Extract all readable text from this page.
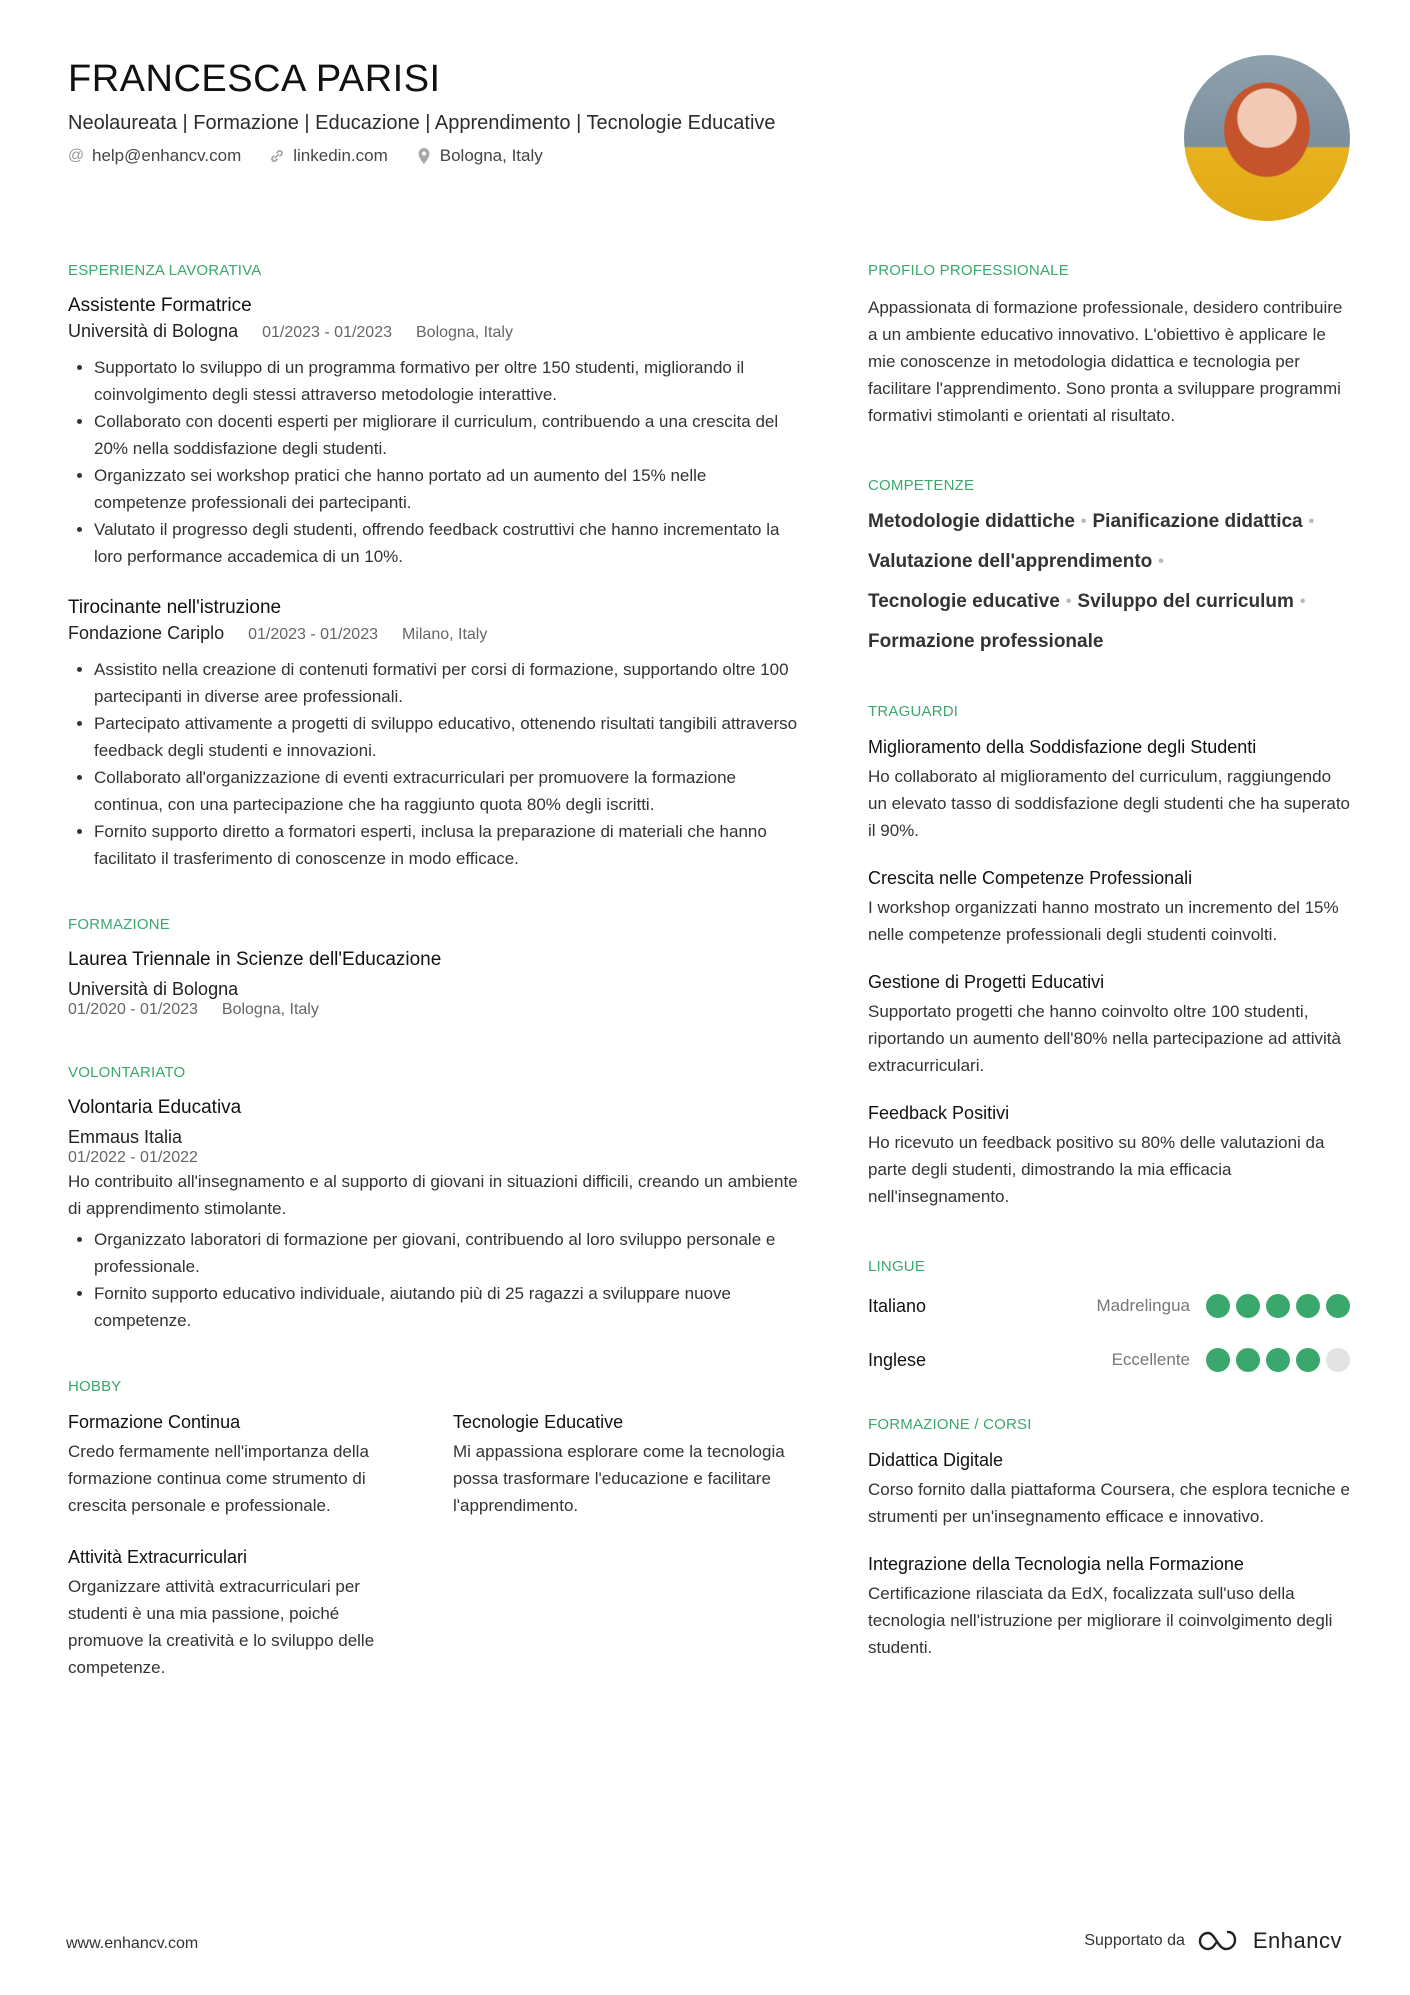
FRANCESCA PARISI
Neolaureata | Formazione | Educazione | Apprendimento | Tecnologie Educative
@ help@enhancv.com	linkedin.com	Bologna, Italy
ESPERIENZA LAVORATIVA
Assistente Formatrice
Università di Bologna 01/2023 - 01/2023 Bologna, Italy
• Supportato lo sviluppo di un programma formativo per oltre 150 studenti, migliorando il coinvolgimento degli stessi attraverso metodologie interattive.
• Collaborato con docenti esperti per migliorare il curriculum, contribuendo a una crescita del 20% nella soddisfazione degli studenti.
• Organizzato sei workshop pratici che hanno portato ad un aumento del 15% nelle competenze professionali dei partecipanti.
• Valutato il progresso degli studenti, offrendo feedback costruttivi che hanno incrementato la loro performance accademica di un 10%.
Tirocinante nell'istruzione
Fondazione Cariplo 01/2023 - 01/2023 Milano, Italy
• Assistito nella creazione di contenuti formativi per corsi di formazione, supportando oltre 100 partecipanti in diverse aree professionali.
• Partecipato attivamente a progetti di sviluppo educativo, ottenendo risultati tangibili attraverso feedback degli studenti e innovazioni.
• Collaborato all'organizzazione di eventi extracurriculari per promuovere la formazione continua, con una partecipazione che ha raggiunto quota 80% degli iscritti.
• Fornito supporto diretto a formatori esperti, inclusa la preparazione di materiali che hanno facilitato il trasferimento di conoscenze in modo efficace.
FORMAZIONE
Laurea Triennale in Scienze dell'Educazione
Università di Bologna
01/2020 - 01/2023 Bologna, Italy
VOLONTARIATO
Volontaria Educativa
Emmaus Italia
01/2022 - 01/2022
Ho contribuito all'insegnamento e al supporto di giovani in situazioni difficili, creando un ambiente di apprendimento stimolante.
• Organizzato laboratori di formazione per giovani, contribuendo al loro sviluppo personale e professionale.
• Fornito supporto educativo individuale, aiutando più di 25 ragazzi a sviluppare nuove competenze.
HOBBY
Formazione Continua
Credo fermamente nell'importanza della formazione continua come strumento di crescita personale e professionale.
Tecnologie Educative
Mi appassiona esplorare come la tecnologia possa trasformare l'educazione e facilitare l'apprendimento.
Attività Extracurriculari
Organizzare attività extracurriculari per studenti è una mia passione, poiché promuove la creatività e lo sviluppo delle competenze.
PROFILO PROFESSIONALE
Appassionata di formazione professionale, desidero contribuire a un ambiente educativo innovativo. L'obiettivo è applicare le mie conoscenze in metodologia didattica e tecnologia per facilitare l'apprendimento. Sono pronta a sviluppare programmi formativi stimolanti e orientati al risultato.
COMPETENZE
Metodologie didattiche • Pianificazione didattica •
Valutazione dell'apprendimento •
Tecnologie educative • Sviluppo del curriculum •
Formazione professionale
TRAGUARDI
Miglioramento della Soddisfazione degli Studenti
Ho collaborato al miglioramento del curriculum, raggiungendo un elevato tasso di soddisfazione degli studenti che ha superato il 90%.
Crescita nelle Competenze Professionali
I workshop organizzati hanno mostrato un incremento del 15% nelle competenze professionali degli studenti coinvolti.
Gestione di Progetti Educativi
Supportato progetti che hanno coinvolto oltre 100 studenti, riportando un aumento dell'80% nella partecipazione ad attività extracurriculari.
Feedback Positivi
Ho ricevuto un feedback positivo su 80% delle valutazioni da parte degli studenti, dimostrando la mia efficacia nell'insegnamento.
LINGUE
Italiano	Madrelingua
Inglese	Eccellente
FORMAZIONE / CORSI
Didattica Digitale
Corso fornito dalla piattaforma Coursera, che esplora tecniche e strumenti per un'insegnamento efficace e innovativo.
Integrazione della Tecnologia nella Formazione
Certificazione rilasciata da EdX, focalizzata sull'uso della tecnologia nell'istruzione per migliorare il coinvolgimento degli studenti.
www.enhancv.com	Supportato da	Enhancv
